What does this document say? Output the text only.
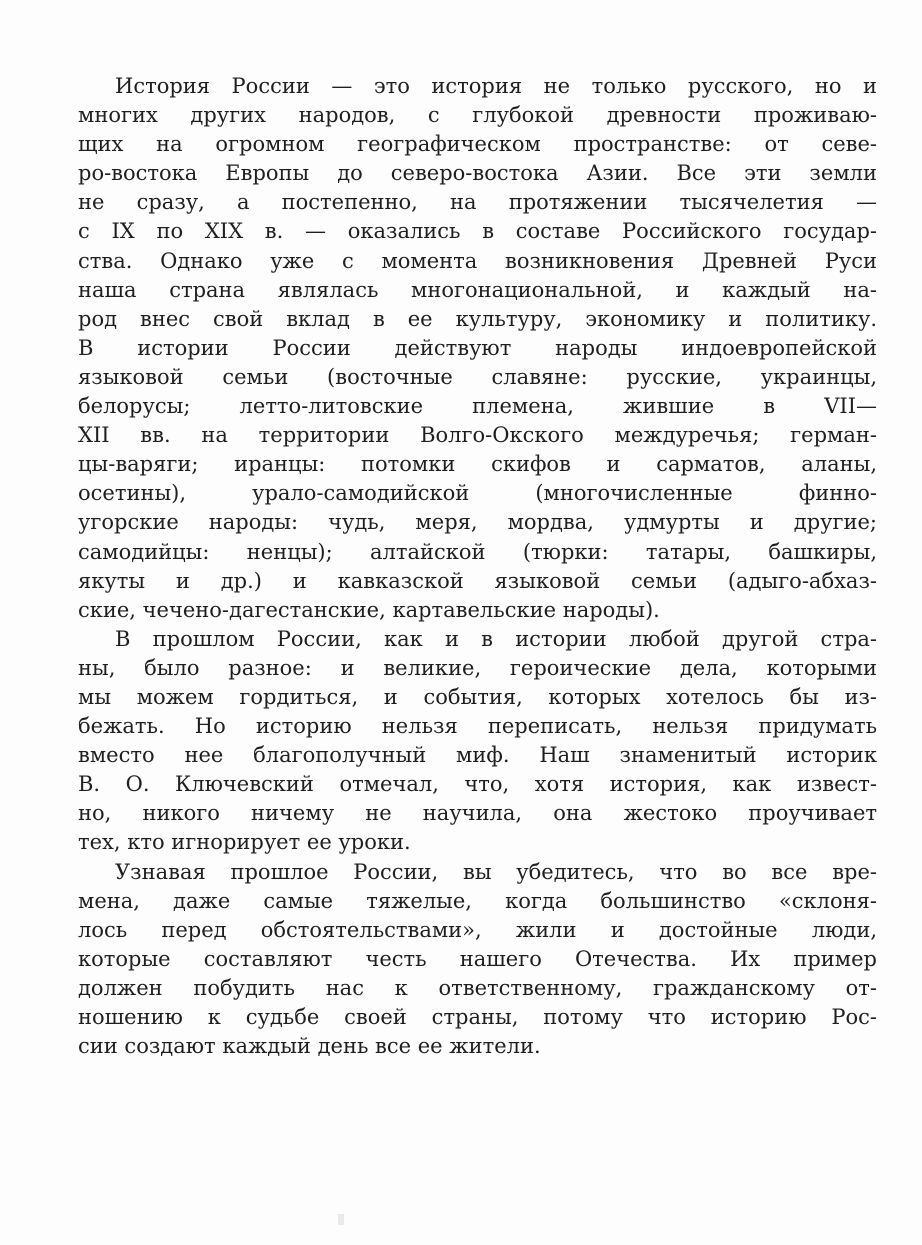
История России — это история не только русского, но и
многих других народов, с глубокой древности проживаю-
щих на огромном географическом пространстве: от севе-
ро-востока Европы до северо-востока Азии. Все эти земли
не сразу, а постепенно, на протяжении тысячелетия —
с IX по XIX в. — оказались в составе Российского государ-
ства. Однако уже с момента возникновения Древней Руси
наша страна являлась многонациональной, и каждый на-
род внес свой вклад в ее культуру, экономику и политику.
В истории России действуют народы индоевропейской
языковой семьи (восточные славяне: русские, украинцы,
белорусы; летто-литовские племена, жившие в VII—
XII вв. на территории Волго-Окского междуречья; герман-
цы-варяги; иранцы: потомки скифов и сарматов, аланы,
осетины), урало-самодийской (многочисленные финно-
угорские народы: чудь, меря, мордва, удмурты и другие;
самодийцы: ненцы); алтайской (тюрки: татары, башкиры,
якуты и др.) и кавказской языковой семьи (адыго-абхаз-
ские, чечено-дагестанские, картавельские народы).
В прошлом России, как и в истории любой другой стра-
ны, было разное: и великие, героические дела, которыми
мы можем гордиться, и события, которых хотелось бы из-
бежать. Но историю нельзя переписать, нельзя придумать
вместо нее благополучный миф. Наш знаменитый историк
В. О. Ключевский отмечал, что, хотя история, как извест-
но, никого ничему не научила, она жестоко проучивает
тех, кто игнорирует ее уроки.
Узнавая прошлое России, вы убедитесь, что во все вре-
мена, даже самые тяжелые, когда большинство «склоня-
лось перед обстоятельствами», жили и достойные люди,
которые составляют честь нашего Отечества. Их пример
должен побудить нас к ответственному, гражданскому от-
ношению к судьбе своей страны, потому что историю Рос-
сии создают каждый день все ее жители.
